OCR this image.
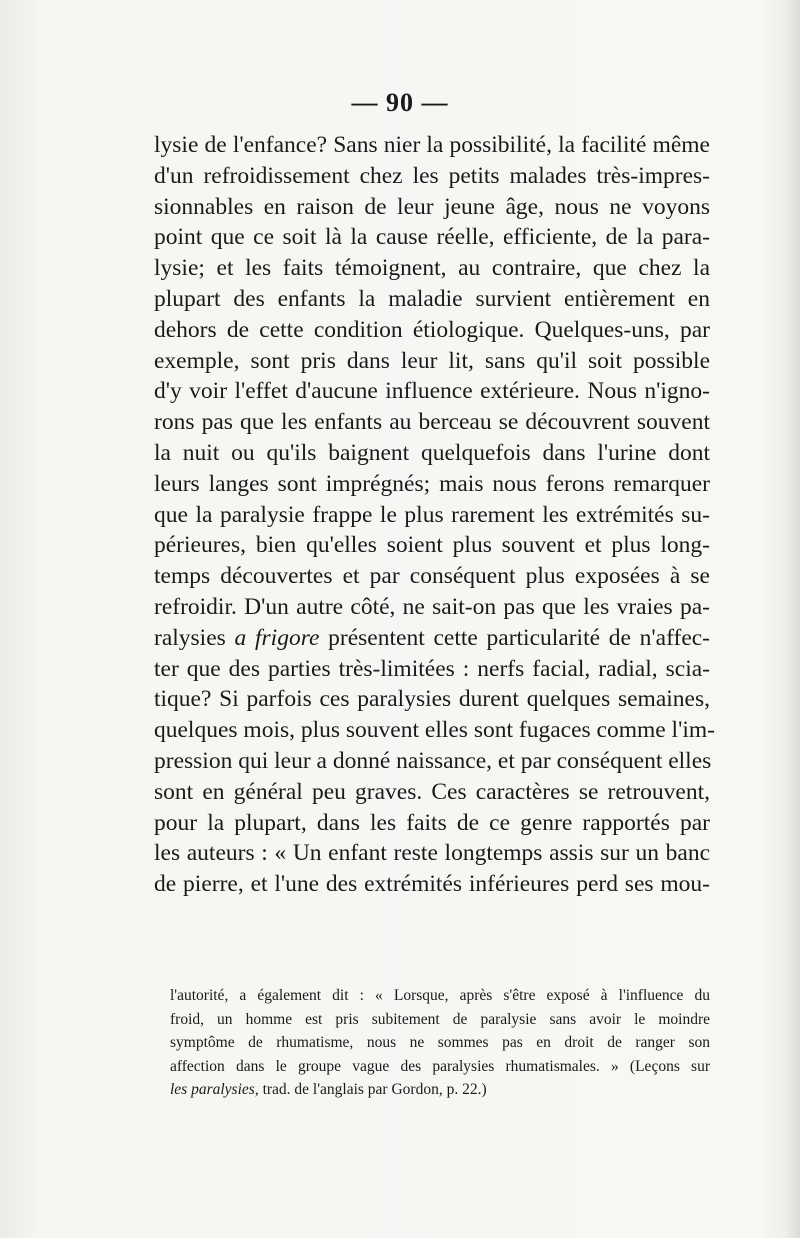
— 90 —
lysie de l'enfance? Sans nier la possibilité, la facilité même
d'un refroidissement chez les petits malades très-impres-
sionnables en raison de leur jeune âge, nous ne voyons
point que ce soit là la cause réelle, efficiente, de la para-
lysie; et les faits témoignent, au contraire, que chez la
plupart des enfants la maladie survient entièrement en
dehors de cette condition étiologique. Quelques-uns, par
exemple, sont pris dans leur lit, sans qu'il soit possible
d'y voir l'effet d'aucune influence extérieure. Nous n'igno-
rons pas que les enfants au berceau se découvrent souvent
la nuit ou qu'ils baignent quelquefois dans l'urine dont
leurs langes sont imprégnés; mais nous ferons remarquer
que la paralysie frappe le plus rarement les extrémités su-
périeures, bien qu'elles soient plus souvent et plus long-
temps découvertes et par conséquent plus exposées à se
refroidir. D'un autre côté, ne sait-on pas que les vraies pa-
ralysies a frigore présentent cette particularité de n'affec-
ter que des parties très-limitées : nerfs facial, radial, scia-
tique? Si parfois ces paralysies durent quelques semaines,
quelques mois, plus souvent elles sont fugaces comme l'im-
pression qui leur a donné naissance, et par conséquent elles
sont en général peu graves. Ces caractères se retrouvent,
pour la plupart, dans les faits de ce genre rapportés par
les auteurs : « Un enfant reste longtemps assis sur un banc
de pierre, et l'une des extrémités inférieures perd ses mou-
l'autorité, a également dit : « Lorsque, après s'être exposé à l'influence du
froid, un homme est pris subitement de paralysie sans avoir le moindre
symptôme de rhumatisme, nous ne sommes pas en droit de ranger son
affection dans le groupe vague des paralysies rhumatismales. » (Leçons sur
les paralysies, trad. de l'anglais par Gordon, p. 22.)
